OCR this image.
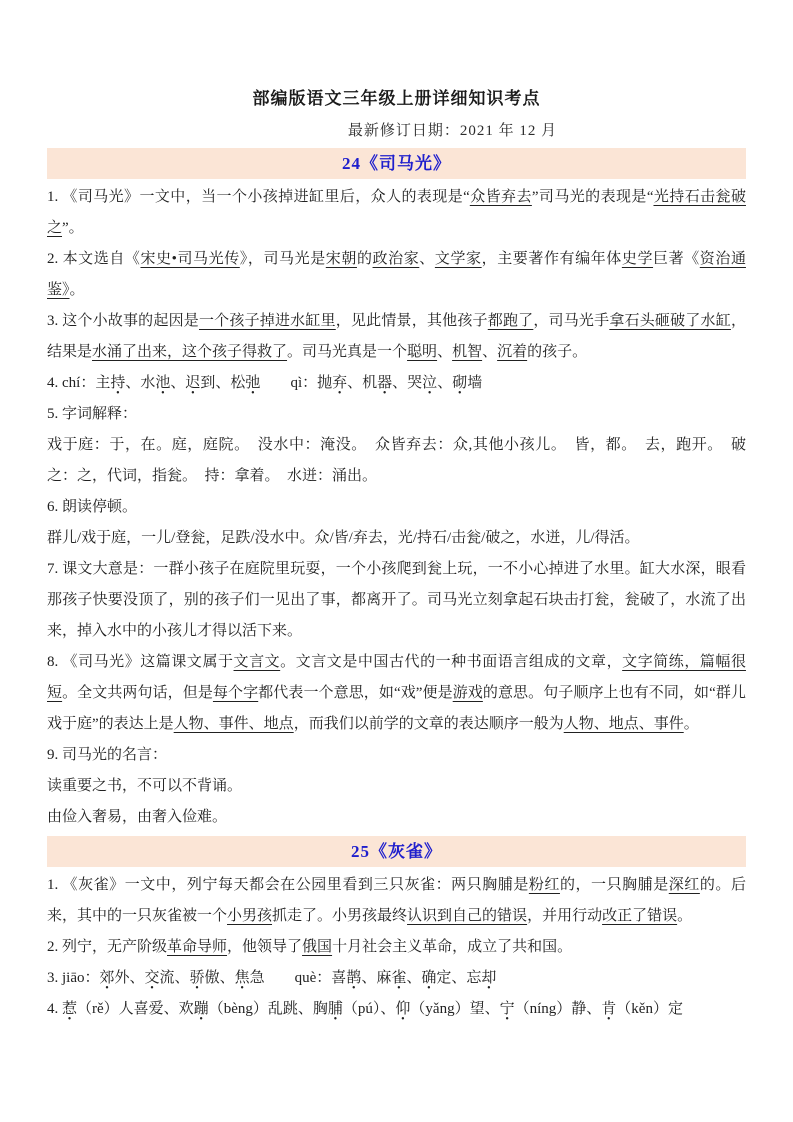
部编版语文三年级上册详细知识考点
最新修订日期：2021 年 12 月
24《司马光》

1. 《司马光》一文中，当一个小孩掉进缸里后，众人的表现是“众皆弃去”司马光的表现是“光持石击瓮破之”。

2. 本文选自《宋史•司马光传》，司马光是宋朝的政治家、文学家，主要著作有编年体史学巨著《资治通鉴》。

3. 这个小故事的起因是一个孩子掉进水缸里，见此情景，其他孩子都跑了，司马光手拿石头砸破了水缸，结果是水涌了出来，这个孩子得救了。司马光真是一个聪明、机智、沉着的孩子。

4. chí：主持、水池、迟到、松弛　　qì：抛弃、机器、哭泣、砌墙

5. 字词解释：

戏于庭：于，在。庭，庭院。　没水中：淹没。　众皆弃去：众,其他小孩儿。　皆，都。　去，跑开。　破之：之，代词，指瓮。　持：拿着。　水迸：涌出。

6. 朗读停顿。

群儿/戏于庭，一儿/登瓮，足跌/没水中。众/皆/弃去，光/持石/击瓮/破之，水迸，儿/得活。

7. 课文大意是：一群小孩子在庭院里玩耍，一个小孩爬到瓮上玩，一不小心掉进了水里。缸大水深，眼看那孩子快要没顶了，别的孩子们一见出了事，都离开了。司马光立刻拿起石块击打瓮，瓮破了，水流了出来，掉入水中的小孩儿才得以活下来。

8. 《司马光》这篇课文属于文言文。文言文是中国古代的一种书面语言组成的文章，文字简练，篇幅很短。全文共两句话，但是每个字都代表一个意思，如“戏”便是游戏的意思。句子顺序上也有不同，如“群儿戏于庭”的表达上是人物、事件、地点，而我们以前学的文章的表达顺序一般为人物、地点、事件。

9. 司马光的名言：

读重要之书，不可以不背诵。

由俭入奢易，由奢入俭难。

25《灰雀》

1. 《灰雀》一文中，列宁每天都会在公园里看到三只灰雀：两只胸脯是粉红的，一只胸脯是深红的。后来，其中的一只灰雀被一个小男孩抓走了。小男孩最终认识到自己的错误，并用行动改正了错误。

2. 列宁，无产阶级革命导师，他领导了俄国十月社会主义革命，成立了共和国。

3. jiāo：郊外、交流、骄傲、焦急　　què：喜鹊、麻雀、确定、忘却

4. 惹（rě）人喜爱、欢蹦（bèng）乱跳、胸脯（pú）、仰（yǎng）望、宁（níng）静、肯（kěn）定
